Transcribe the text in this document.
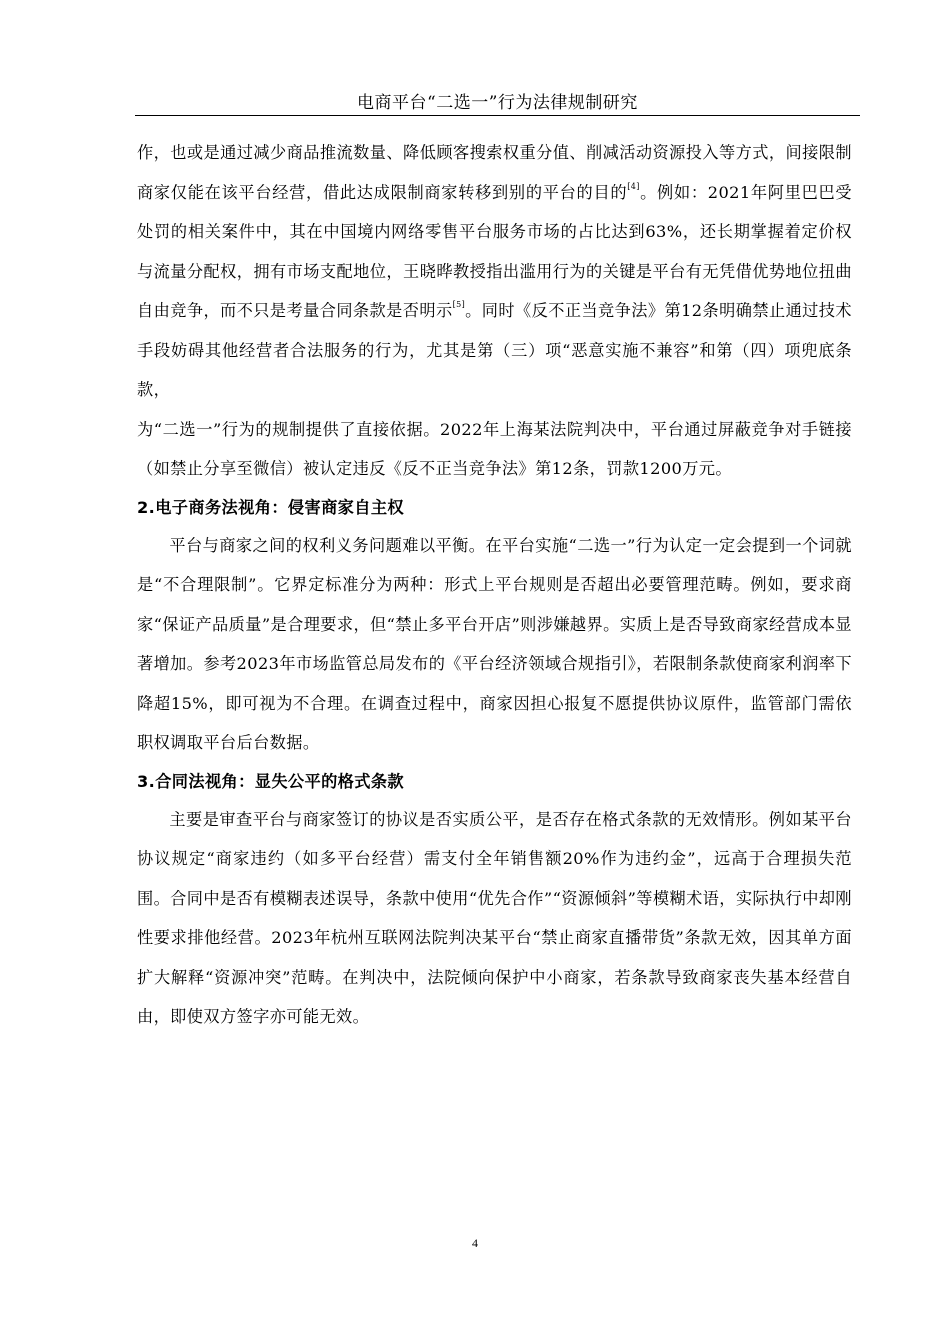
电商平台“二选一”行为法律规制研究

作，也或是通过减少商品推流数量、降低顾客搜索权重分值、削减活动资源投入等方式，间接限制商家仅能在该平台经营，借此达成限制商家转移到别的平台的目的[4]。例如：2021年阿里巴巴受处罚的相关案件中，其在中国境内网络零售平台服务市场的占比达到63%，还长期掌握着定价权与流量分配权，拥有市场支配地位，王晓晔教授指出滥用行为的关键是平台有无凭借优势地位扭曲自由竞争，而不只是考量合同条款是否明示[5]。同时《反不正当竞争法》第12条明确禁止通过技术手段妨碍其他经营者合法服务的行为，尤其是第（三）项“恶意实施不兼容”和第（四）项兜底条款，

为“二选一”行为的规制提供了直接依据。2022年上海某法院判决中，平台通过屏蔽竞争对手链接（如禁止分享至微信）被认定违反《反不正当竞争法》第12条，罚款1200万元。

2.电子商务法视角：侵害商家自主权

平台与商家之间的权利义务问题难以平衡。在平台实施“二选一”行为认定一定会提到一个词就是“不合理限制”。它界定标准分为两种：形式上平台规则是否超出必要管理范畴。例如，要求商家“保证产品质量”是合理要求，但“禁止多平台开店”则涉嫌越界。实质上是否导致商家经营成本显著增加。参考2023年市场监管总局发布的《平台经济领域合规指引》，若限制条款使商家利润率下降超15%，即可视为不合理。在调查过程中，商家因担心报复不愿提供协议原件，监管部门需依职权调取平台后台数据。

3.合同法视角：显失公平的格式条款

主要是审查平台与商家签订的协议是否实质公平，是否存在格式条款的无效情形。例如某平台协议规定“商家违约（如多平台经营）需支付全年销售额20%作为违约金”，远高于合理损失范围。合同中是否有模糊表述误导，条款中使用“优先合作”“资源倾斜”等模糊术语，实际执行中却刚性要求排他经营。2023年杭州互联网法院判决某平台“禁止商家直播带货”条款无效，因其单方面扩大解释“资源冲突”范畴。在判决中，法院倾向保护中小商家，若条款导致商家丧失基本经营自由，即使双方签字亦可能无效。

4
